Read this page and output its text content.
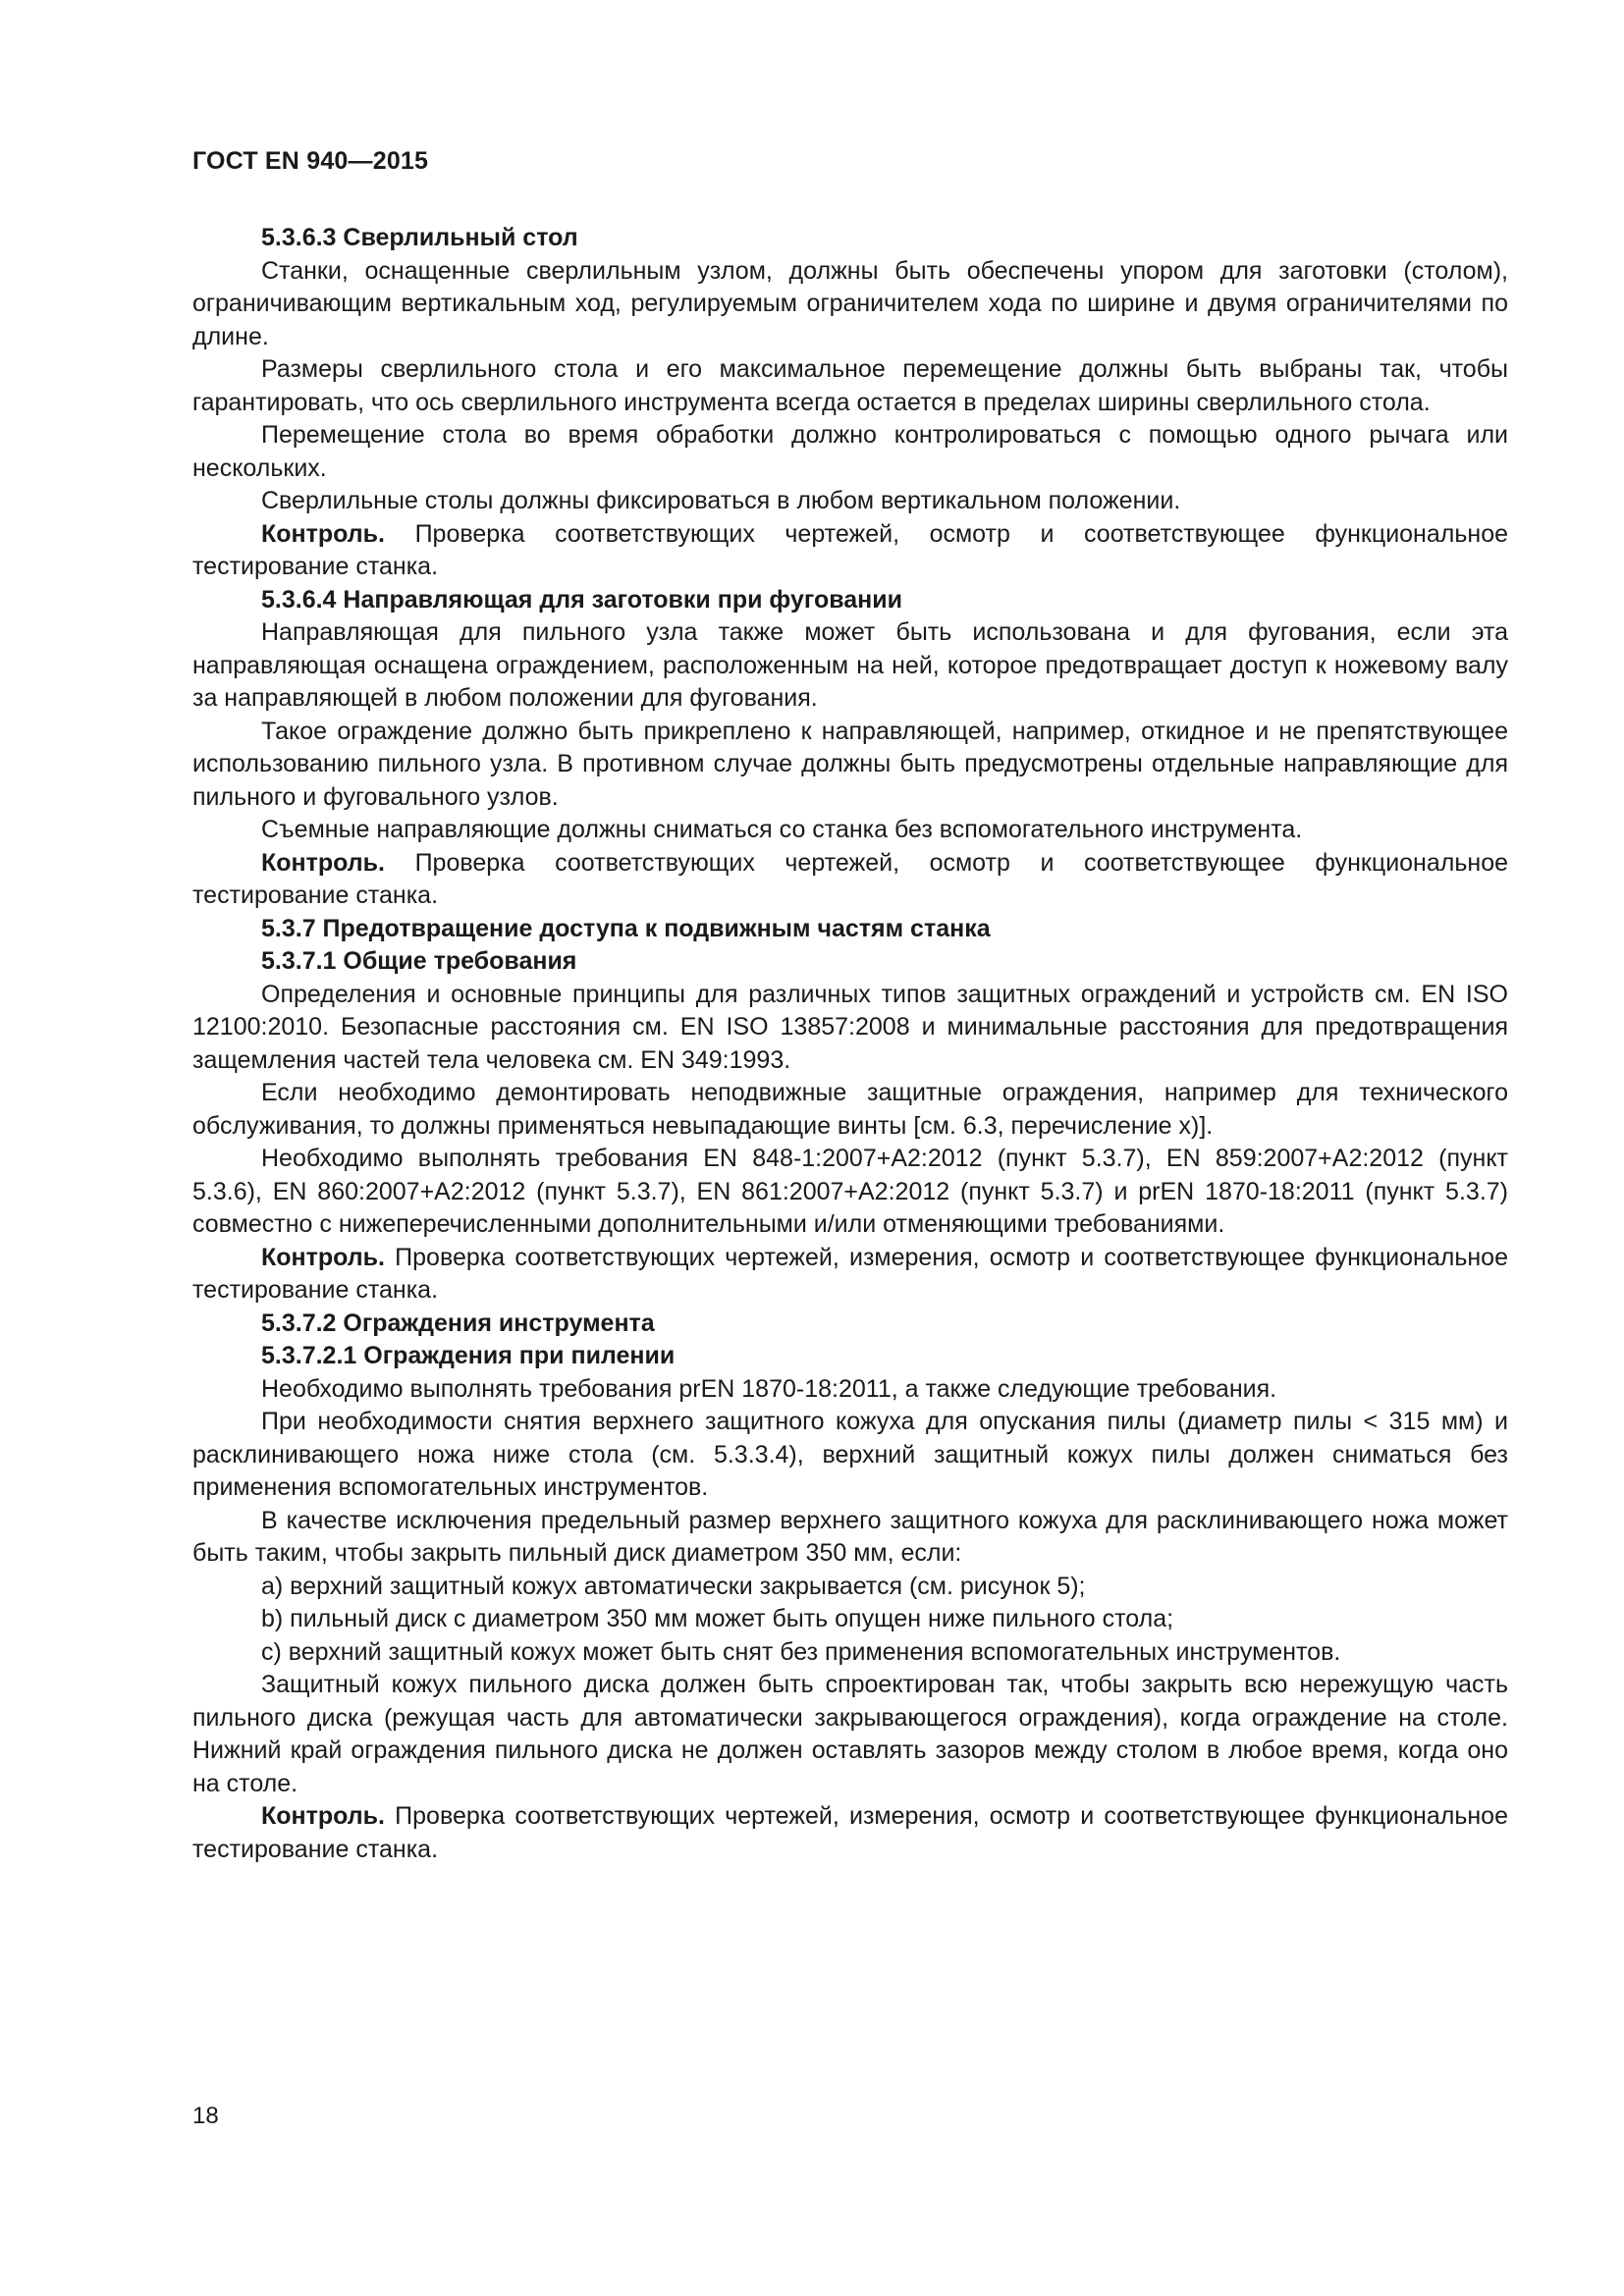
ГОСТ EN 940—2015
5.3.6.3 Сверлильный стол

Станки, оснащенные сверлильным узлом, должны быть обеспечены упором для заготовки (столом), ограничивающим вертикальным ход, регулируемым ограничителем хода по ширине и двумя ограничителями по длине.

Размеры сверлильного стола и его максимальное перемещение должны быть выбраны так, чтобы гарантировать, что ось сверлильного инструмента всегда остается в пределах ширины сверлильного стола.

Перемещение стола во время обработки должно контролироваться с помощью одного рычага или нескольких.

Сверлильные столы должны фиксироваться в любом вертикальном положении.

Контроль. Проверка соответствующих чертежей, осмотр и соответствующее функциональное тестирование станка.

5.3.6.4 Направляющая для заготовки при фуговании

Направляющая для пильного узла также может быть использована и для фугования, если эта направляющая оснащена ограждением, расположенным на ней, которое предотвращает доступ к ножевому валу за направляющей в любом положении для фугования.

Такое ограждение должно быть прикреплено к направляющей, например, откидное и не препятствующее использованию пильного узла. В противном случае должны быть предусмотрены отдельные направляющие для пильного и фуговального узлов.

Съемные направляющие должны сниматься со станка без вспомогательного инструмента.

Контроль. Проверка соответствующих чертежей, осмотр и соответствующее функциональное тестирование станка.

5.3.7 Предотвращение доступа к подвижным частям станка
5.3.7.1 Общие требования

Определения и основные принципы для различных типов защитных ограждений и устройств см. EN ISO 12100:2010. Безопасные расстояния см. EN ISO 13857:2008 и минимальные расстояния для предотвращения защемления частей тела человека см. EN 349:1993.

Если необходимо демонтировать неподвижные защитные ограждения, например для технического обслуживания, то должны применяться невыпадающие винты [см. 6.3, перечисление x)].

Необходимо выполнять требования EN 848-1:2007+A2:2012 (пункт 5.3.7), EN 859:2007+A2:2012 (пункт 5.3.6), EN 860:2007+A2:2012 (пункт 5.3.7), EN 861:2007+A2:2012 (пункт 5.3.7) и prEN 1870-18:2011 (пункт 5.3.7) совместно с нижеперечисленными дополнительными и/или отменяющими требованиями.

Контроль. Проверка соответствующих чертежей, измерения, осмотр и соответствующее функциональное тестирование станка.

5.3.7.2 Ограждения инструмента
5.3.7.2.1 Ограждения при пилении

Необходимо выполнять требования prEN 1870-18:2011, а также следующие требования.

При необходимости снятия верхнего защитного кожуха для опускания пилы (диаметр пилы < 315 мм) и расклинивающего ножа ниже стола (см. 5.3.3.4), верхний защитный кожух пилы должен сниматься без применения вспомогательных инструментов.

В качестве исключения предельный размер верхнего защитного кожуха для расклинивающего ножа может быть таким, чтобы закрыть пильный диск диаметром 350 мм, если:

a) верхний защитный кожух автоматически закрывается (см. рисунок 5);

b) пильный диск с диаметром 350 мм может быть опущен ниже пильного стола;

c) верхний защитный кожух может быть снят без применения вспомогательных инструментов.

Защитный кожух пильного диска должен быть спроектирован так, чтобы закрыть всю нережущую часть пильного диска (режущая часть для автоматически закрывающегося ограждения), когда ограждение на столе. Нижний край ограждения пильного диска не должен оставлять зазоров между столом в любое время, когда оно на столе.

Контроль. Проверка соответствующих чертежей, измерения, осмотр и соответствующее функциональное тестирование станка.

18
